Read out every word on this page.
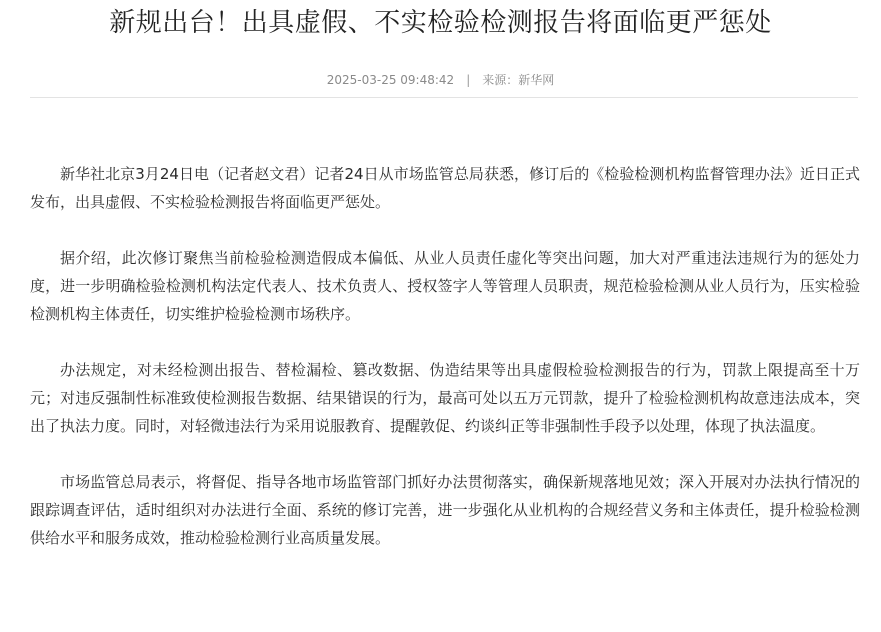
新规出台！出具虚假、不实检验检测报告将面临更严惩处
2025-03-25 09:48:42 | 来源：新华网

新华社北京3月24日电（记者赵文君）记者24日从市场监管总局获悉，修订后的《检验检测机构监督管理办法》近日正式发布，出具虚假、不实检验检测报告将面临更严惩处。

据介绍，此次修订聚焦当前检验检测造假成本偏低、从业人员责任虚化等突出问题，加大对严重违法违规行为的惩处力度，进一步明确检验检测机构法定代表人、技术负责人、授权签字人等管理人员职责，规范检验检测从业人员行为，压实检验检测机构主体责任，切实维护检验检测市场秩序。

办法规定，对未经检测出报告、替检漏检、篡改数据、伪造结果等出具虚假检验检测报告的行为，罚款上限提高至十万元；对违反强制性标准致使检测报告数据、结果错误的行为，最高可处以五万元罚款，提升了检验检测机构故意违法成本，突出了执法力度。同时，对轻微违法行为采用说服教育、提醒敦促、约谈纠正等非强制性手段予以处理，体现了执法温度。

市场监管总局表示，将督促、指导各地市场监管部门抓好办法贯彻落实，确保新规落地见效；深入开展对办法执行情况的跟踪调查评估，适时组织对办法进行全面、系统的修订完善，进一步强化从业机构的合规经营义务和主体责任，提升检验检测供给水平和服务成效，推动检验检测行业高质量发展。
